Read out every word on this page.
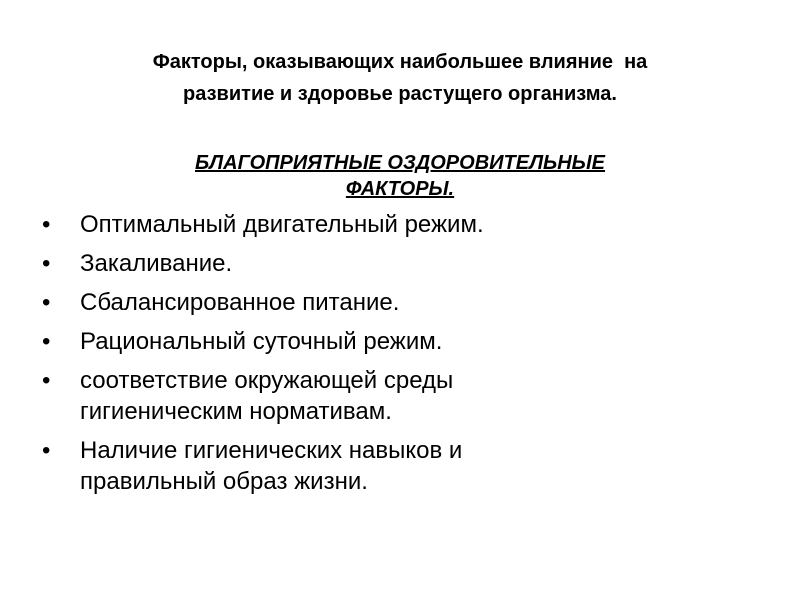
Факторы, оказывающих наибольшее влияние  на
развитие и здоровье растущего организма.
БЛАГОПРИЯТНЫЕ ОЗДОРОВИТЕЛЬНЫЕ
ФАКТОРЫ.
• Оптимальный двигательный режим.
• Закаливание.
• Сбалансированное питание.
• Рациональный суточный режим.
• соответствие окружающей среды
гигиеническим нормативам.
• Наличие гигиенических навыков и
правильный образ жизни.
